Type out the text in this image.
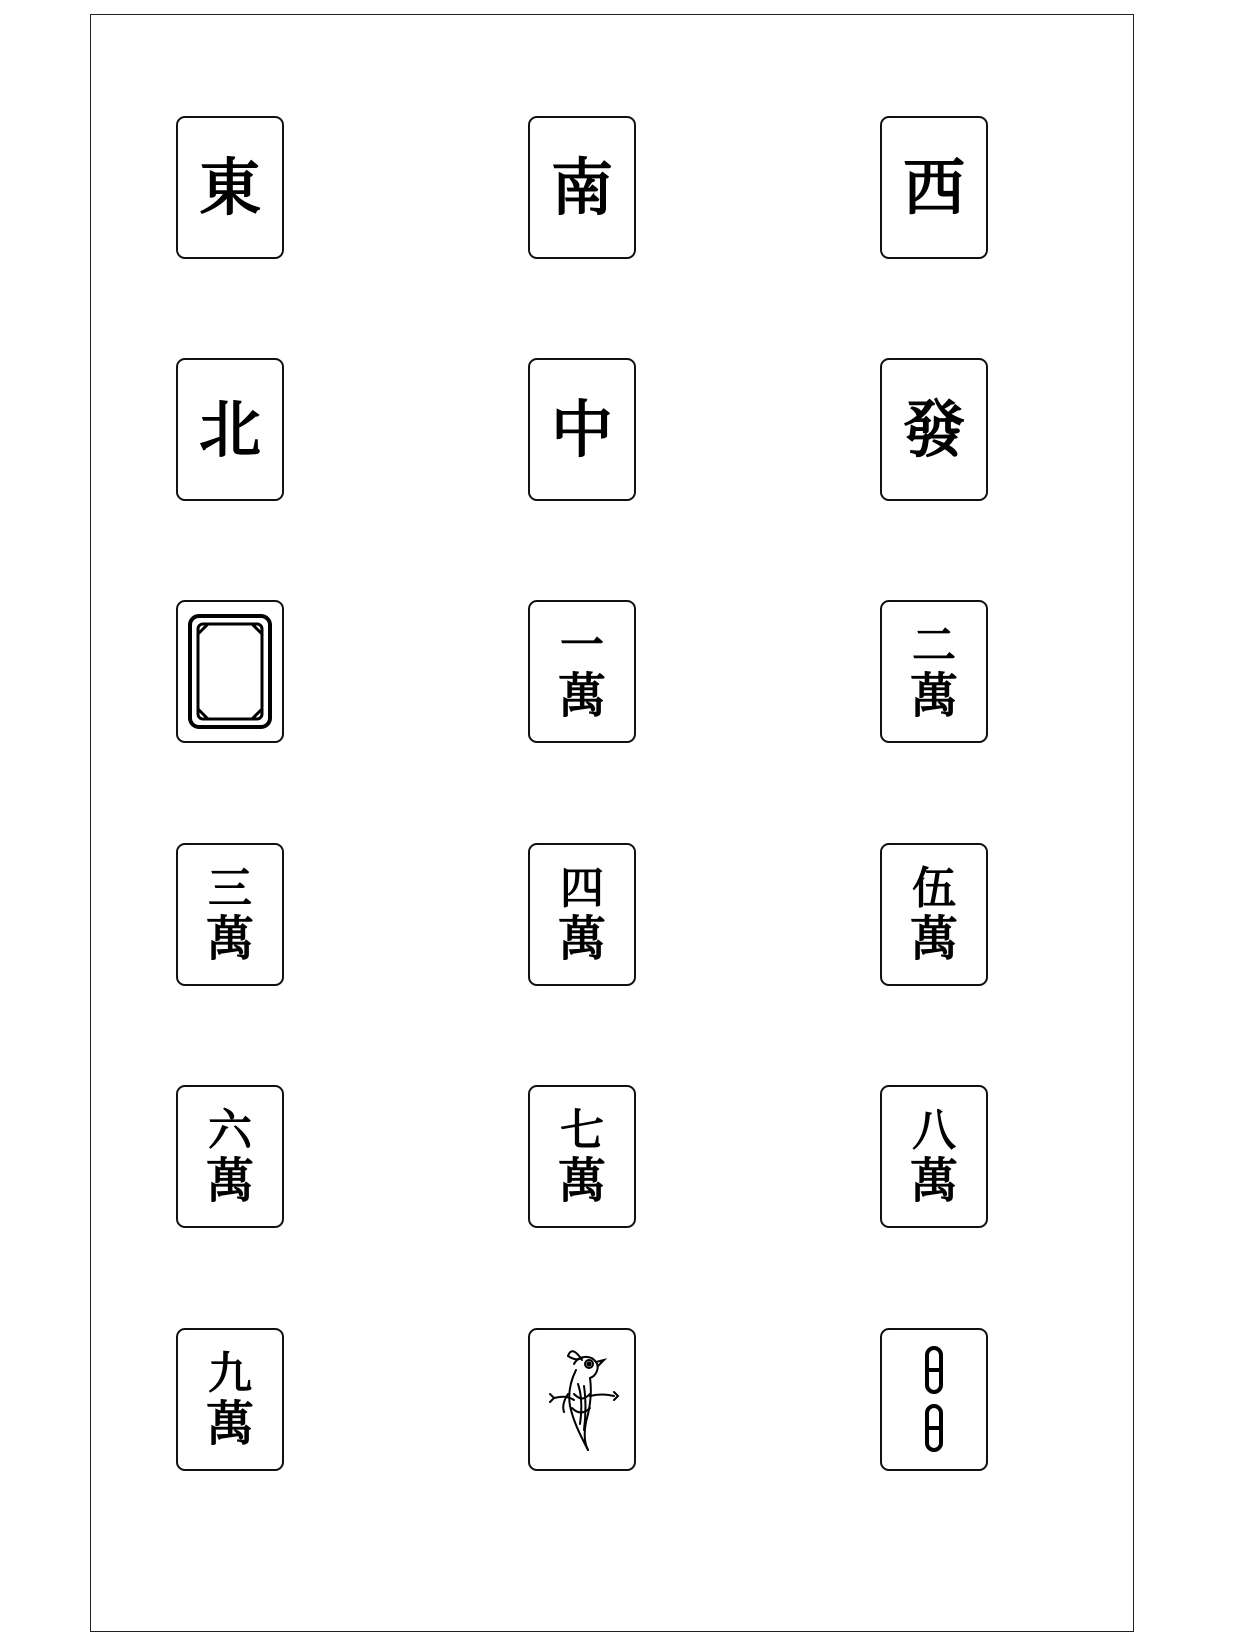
東	南	西
北	中	發
一
萬
二
萬
三
萬
四
萬
伍
萬
六
萬
七
萬
八
萬
九
萬
